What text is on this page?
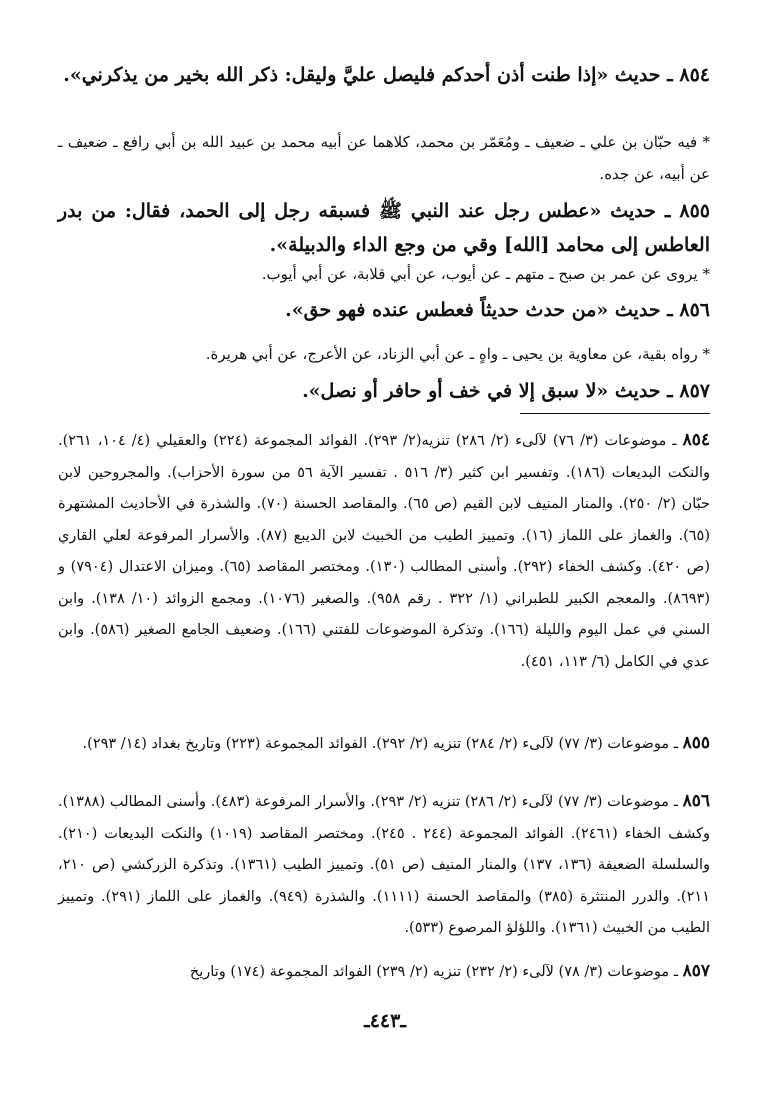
٨٥٤ ـ حديث «إذا طنت أذن أحدكم فليصل عليَّ وليقل: ذكر الله بخير من يذكرني».
* فيه حبّان بن علي ـ ضعيف ـ ومُعَمّر بن محمد، كلاهما عن أبيه محمد بن عبيد الله بن أبي رافع ـ ضعيف ـ عن أبيه، عن جده.
٨٥٥ ـ حديث «عطس رجل عند النبي ﷺ فسبقه رجل إلى الحمد، فقال: من بدر العاطس إلى محامد [الله] وقي من وجع الداء والدبيلة».
* يروى عن عمر بن صبح ـ متهم ـ عن أيوب، عن أبي قلابة، عن أبي أيوب.
٨٥٦ ـ حديث «من حدث حديثاً فعطس عنده فهو حق».
* رواه بقية، عن معاوية بن يحيى ـ واهٍ ـ عن أبي الزناد، عن الأعرج، عن أبي هريرة.
٨٥٧ ـ حديث «لا سبق إلا في خف أو حافر أو نصل».
٨٥٤ ـ موضوعات (٣/ ٧٦) لآلىء (٢/ ٢٨٦) تنزيه(٢/ ٢٩٣). الفوائد المجموعة (٢٢٤) والعقيلي (٤/ ١٠٤، ٢٦١). والنكت البديعات (١٨٦). وتفسير ابن كثير (٣/ ٥١٦ . تفسير الآية ٥٦ من سورة الأحزاب). والمجروحين لابن حبّان (٢/ ٢٥٠). والمنار المنيف لابن القيم (ص ٦٥). والمقاصد الحسنة (٧٠). والشذرة في الأحاديث المشتهرة (٦٥). والغماز على اللماز (١٦). وتمييز الطيب من الخبيث لابن الديبع (٨٧). والأسرار المرفوعة لعلي القاري (ص ٤٢٠). وكشف الخفاء (٢٩٢). وأسنى المطالب (١٣٠). ومختصر المقاصد (٦٥). وميزان الاعتدال (٧٩٠٤) و (٨٦٩٣). والمعجم الكبير للطبراني (١/ ٣٢٢ . رقم ٩٥٨). والصغير (١٠٧٦). ومجمع الزوائد (١٠/ ١٣٨). وابن السني في عمل اليوم والليلة (١٦٦). وتذكرة الموضوعات للفتني (١٦٦). وضعيف الجامع الصغير (٥٨٦). وابن عدي في الكامل (٦/ ١١٣، ٤٥١).
٨٥٥ ـ موضوعات (٣/ ٧٧) لآلىء (٢/ ٢٨٤) تنزيه (٢/ ٢٩٢). الفوائد المجموعة (٢٢٣) وتاريخ بغداد (١٤/ ٢٩٣).
٨٥٦ ـ موضوعات (٣/ ٧٧) لآلىء (٢/ ٢٨٦) تنزيه (٢/ ٢٩٣). والأسرار المرفوعة (٤٨٣). وأسنى المطالب (١٣٨٨). وكشف الخفاء (٢٤٦١). الفوائد المجموعة (٢٤٤ . ٢٤٥). ومختصر المقاصد (١٠١٩) والنكت البديعات (٢١٠). والسلسلة الضعيفة (١٣٦، ١٣٧) والمنار المنيف (ص ٥١). وتمييز الطيب (١٣٦١). وتذكرة الزركشي (ص ٢١٠، ٢١١). والدرر المنتثرة (٣٨٥) والمقاصد الحسنة (١١١١). والشذرة (٩٤٩). والغماز على اللماز (٢٩١). وتمييز الطيب من الخبيث (١٣٦١). واللؤلؤ المرصوع (٥٣٣).
٨٥٧ ـ موضوعات (٣/ ٧٨) لآلىء (٢/ ٢٣٢) تنزيه (٢/ ٢٣٩) الفوائد المجموعة (١٧٤) وتاريخ
ـ٤٤٣ـ
